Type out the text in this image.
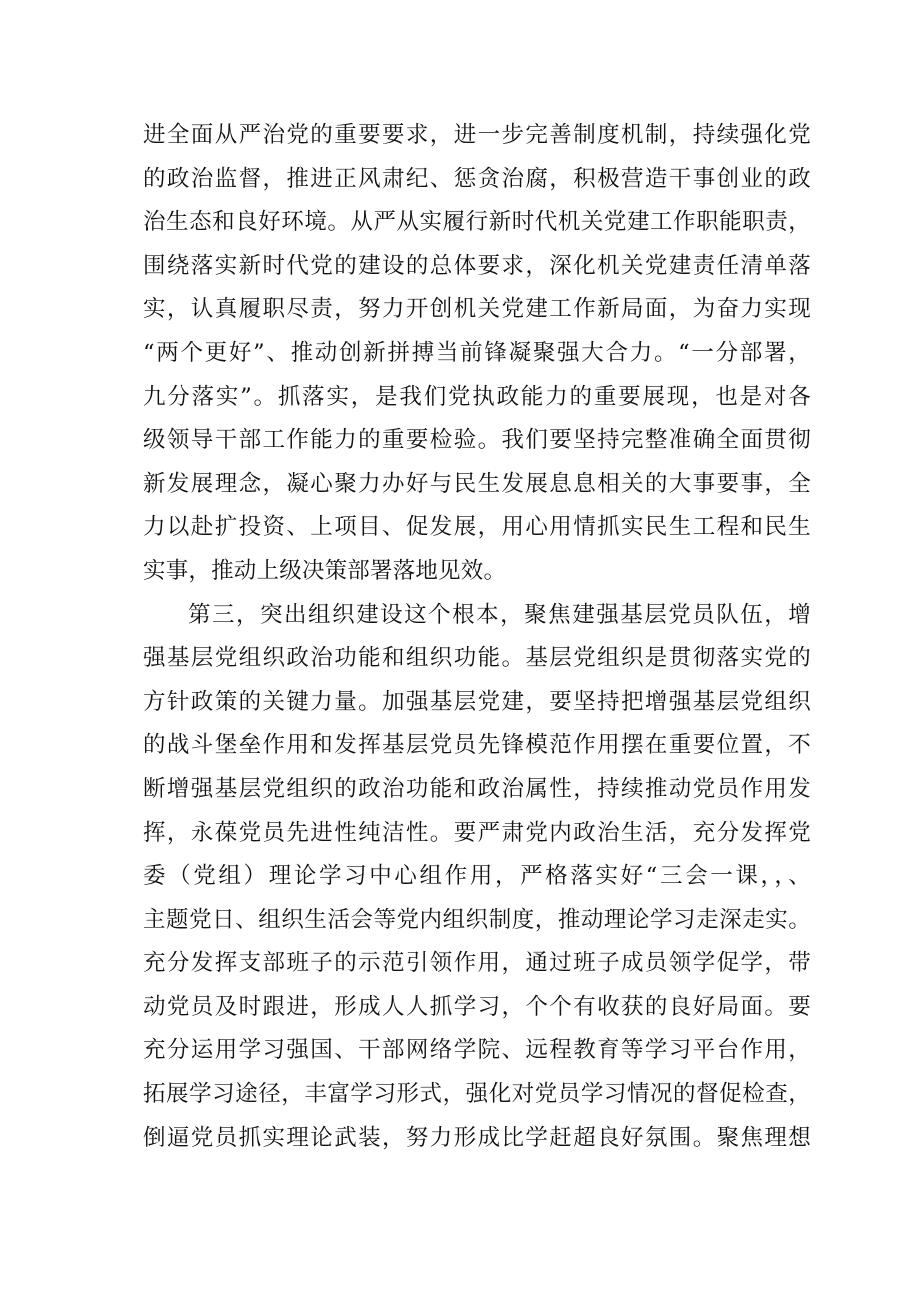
进全面从严治党的重要要求，进一步完善制度机制，持续强化党
的政治监督，推进正风肃纪、惩贪治腐，积极营造干事创业的政
治生态和良好环境。从严从实履行新时代机关党建工作职能职责，
围绕落实新时代党的建设的总体要求，深化机关党建责任清单落
实，认真履职尽责，努力开创机关党建工作新局面，为奋力实现
“两个更好”、推动创新拼搏当前锋凝聚强大合力。“一分部署，
九分落实”。抓落实，是我们党执政能力的重要展现，也是对各
级领导干部工作能力的重要检验。我们要坚持完整准确全面贯彻
新发展理念，凝心聚力办好与民生发展息息相关的大事要事，全
力以赴扩投资、上项目、促发展，用心用情抓实民生工程和民生
实事，推动上级决策部署落地见效。
第三，突出组织建设这个根本，聚焦建强基层党员队伍，增
强基层党组织政治功能和组织功能。基层党组织是贯彻落实党的
方针政策的关键力量。加强基层党建，要坚持把增强基层党组织
的战斗堡垒作用和发挥基层党员先锋模范作用摆在重要位置，不
断增强基层党组织的政治功能和政治属性，持续推动党员作用发
挥，永葆党员先进性纯洁性。要严肃党内政治生活，充分发挥党
委（党组）理论学习中心组作用，严格落实好“三会一课，，、
主题党日、组织生活会等党内组织制度，推动理论学习走深走实。
充分发挥支部班子的示范引领作用，通过班子成员领学促学，带
动党员及时跟进，形成人人抓学习，个个有收获的良好局面。要
充分运用学习强国、干部网络学院、远程教育等学习平台作用，
拓展学习途径，丰富学习形式，强化对党员学习情况的督促检查，
倒逼党员抓实理论武装，努力形成比学赶超良好氛围。聚焦理想
